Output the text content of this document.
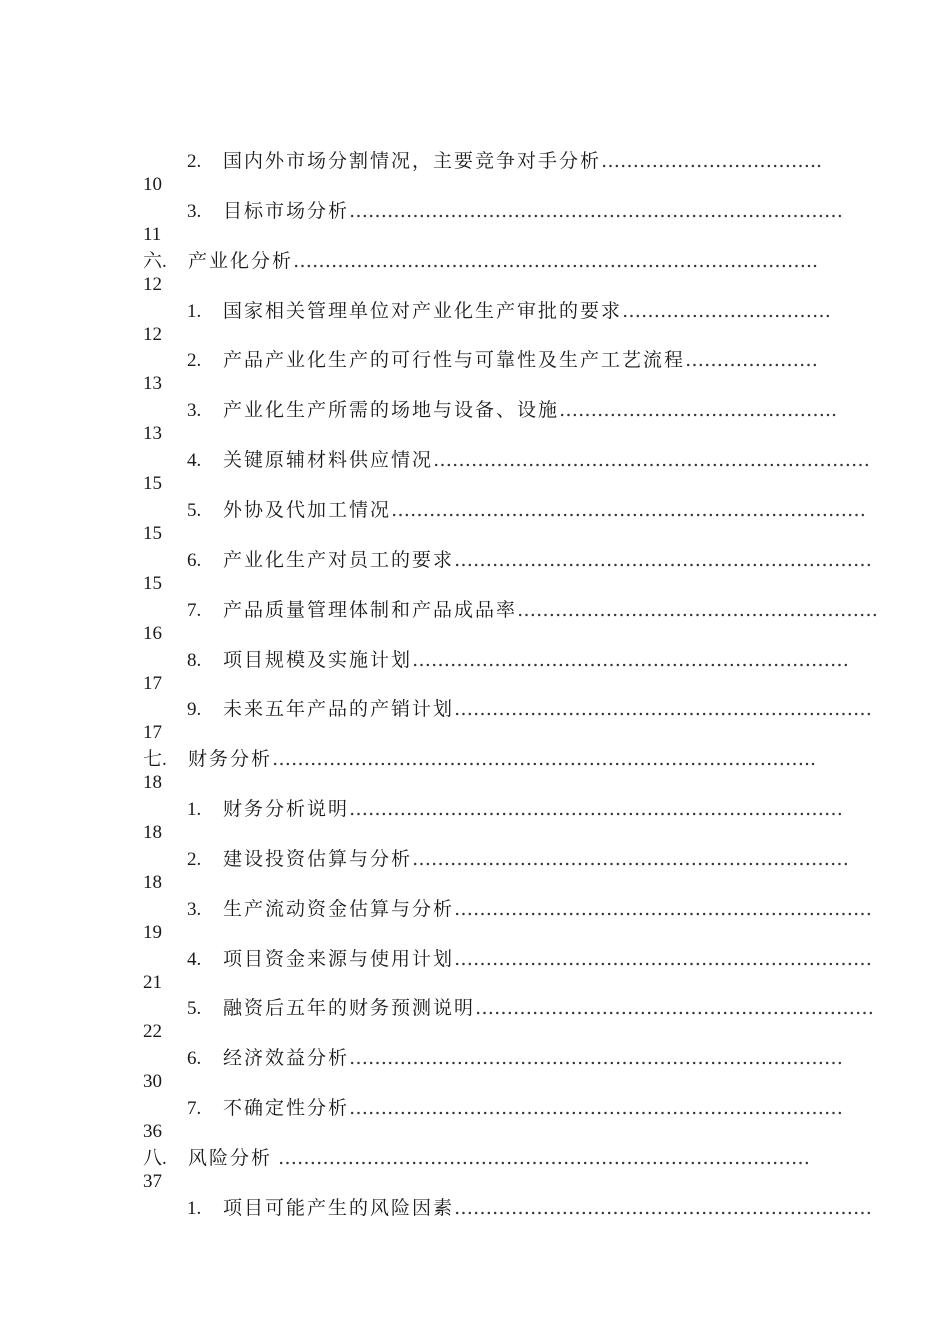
2. 国内外市场分割情况，主要竞争对手分析……………………………..
10
3. 目标市场分析……………………………………………………………………
11
六. 产业化分析………………………………………………………………………..
12
1. 国家相关管理单位对产业化生产审批的要求……………………………
12
2. 产品产业化生产的可行性与可靠性及生产工艺流程…………………
13
3. 产业化生产所需的场地与设备、设施……………………………………..
13
4. 关键原辅材料供应情况……………………………………………………………
15
5. 外协及代加工情况…………………………………………………………………
15
6. 产业化生产对员工的要求…………………………………………………………
15
7. 产品质量管理体制和产品成品率…………………………………………………
16
8. 项目规模及实施计划……………………………………………………………
17
9. 未来五年产品的产销计划…………………………………………………………
17
七. 财务分析…………………………………………………………………………..
18
1. 财务分析说明……………………………………………………………………
18
2. 建设投资估算与分析……………………………………………………………
18
3. 生产流动资金估算与分析…………………………………………………………
19
4. 项目资金来源与使用计划…………………………………………………………
21
5. 融资后五年的财务预测说明………………………………………………………
22
6. 经济效益分析……………………………………………………………………
30
7. 不确定性分析……………………………………………………………………
36
八. 风险分析 …………………………………………………………………………
37
1. 项目可能产生的风险因素…………………………………………………………
